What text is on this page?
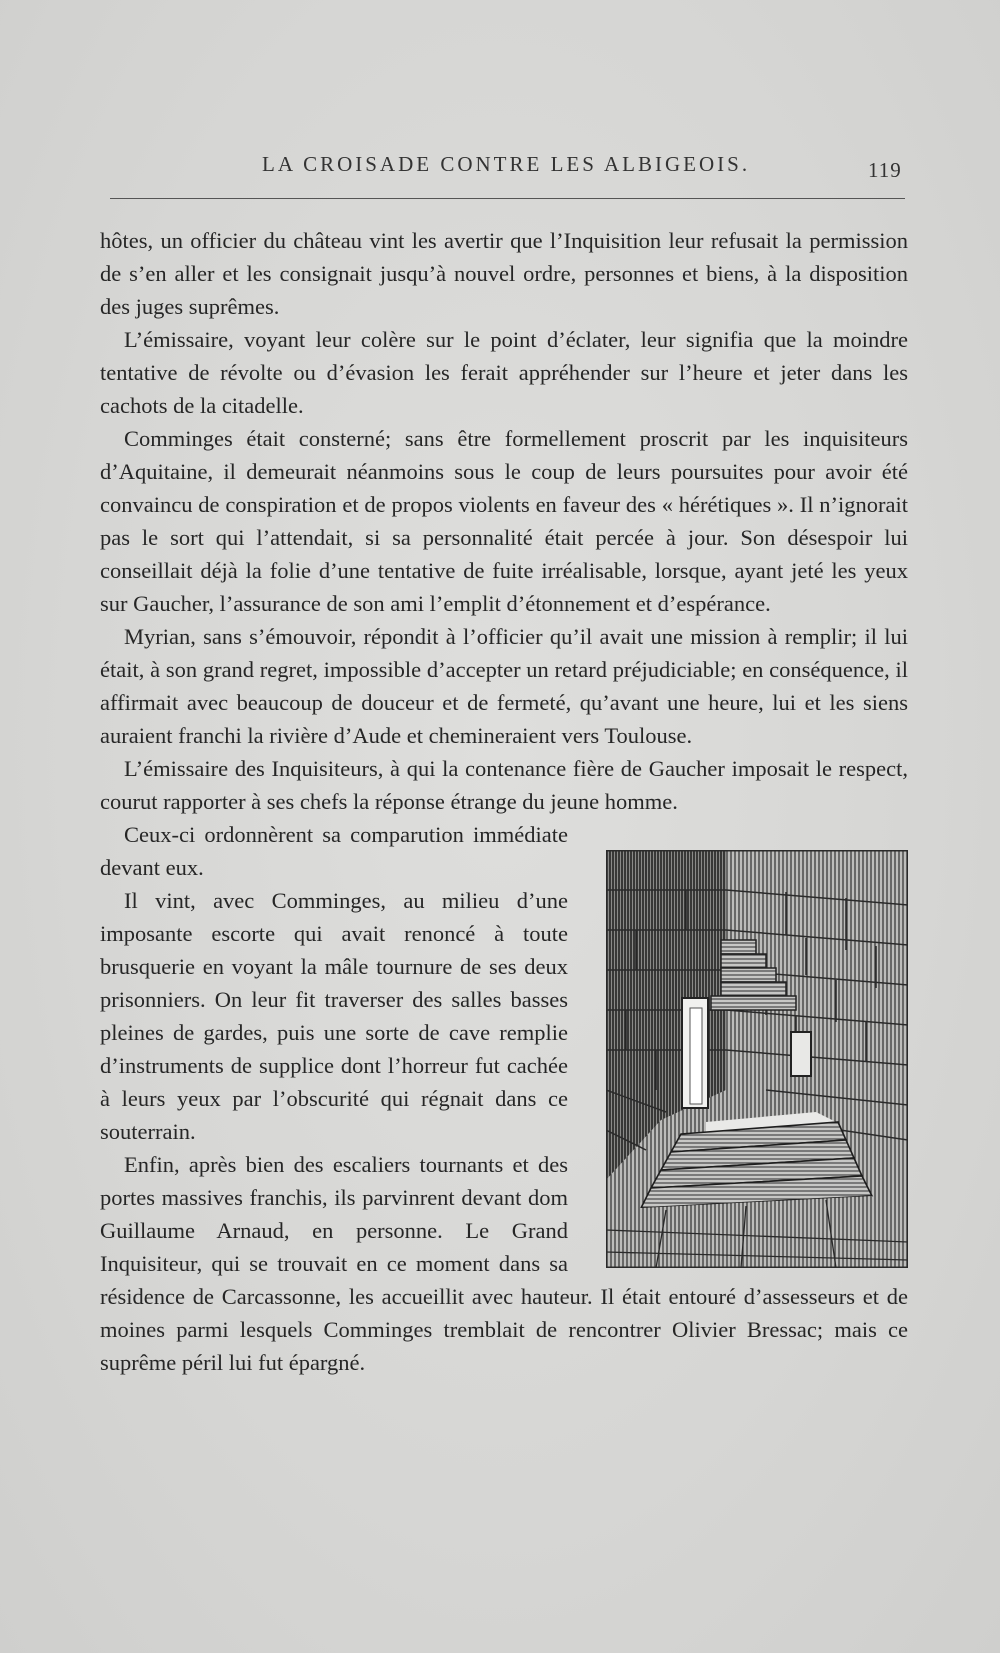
LA CROISADE CONTRE LES ALBIGEOIS.	119

hôtes, un officier du château vint les avertir que l’Inquisition leur refusait la permission de s’en aller et les consignait jusqu’à nouvel ordre, personnes et biens, à la disposition des juges suprêmes.

L’émissaire, voyant leur colère sur le point d’éclater, leur signifia que la moindre tentative de révolte ou d’évasion les ferait appréhender sur l’heure et jeter dans les cachots de la citadelle.

Comminges était consterné; sans être formellement proscrit par les inquisiteurs d’Aquitaine, il demeurait néanmoins sous le coup de leurs poursuites pour avoir été convaincu de conspiration et de propos violents en faveur des « hérétiques ». Il n’ignorait pas le sort qui l’attendait, si sa personnalité était percée à jour. Son désespoir lui conseillait déjà la folie d’une tentative de fuite irréalisable, lorsque, ayant jeté les yeux sur Gaucher, l’assurance de son ami l’emplit d’étonnement et d’espérance.

Myrian, sans s’émouvoir, répondit à l’officier qu’il avait une mission à remplir; il lui était, à son grand regret, impossible d’accepter un retard préjudiciable; en conséquence, il affirmait avec beaucoup de douceur et de fermeté, qu’avant une heure, lui et les siens auraient franchi la rivière d’Aude et chemineraient vers Toulouse.

L’émissaire des Inquisiteurs, à qui la contenance fière de Gaucher imposait le respect, courut rapporter à ses chefs la réponse étrange du jeune homme.

Ceux-ci ordonnèrent sa comparution immédiate devant eux.

Il vint, avec Comminges, au milieu d’une imposante escorte qui avait renoncé à toute brusquerie en voyant la mâle tournure de ses deux prisonniers. On leur fit traverser des salles basses pleines de gardes, puis une sorte de cave remplie d’instruments de supplice dont l’horreur fut cachée à leurs yeux par l’obscurité qui régnait dans ce souterrain.

Enfin, après bien des escaliers tournants et des portes massives franchis, ils parvinrent devant dom Guillaume Arnaud, en personne. Le Grand Inquisiteur, qui se trouvait en ce moment dans sa résidence de Carcassonne, les accueillit avec hauteur. Il était entouré d’assesseurs et de moines parmi lesquels Comminges tremblait de rencontrer Olivier Bressac; mais ce suprême péril lui fut épargné.
